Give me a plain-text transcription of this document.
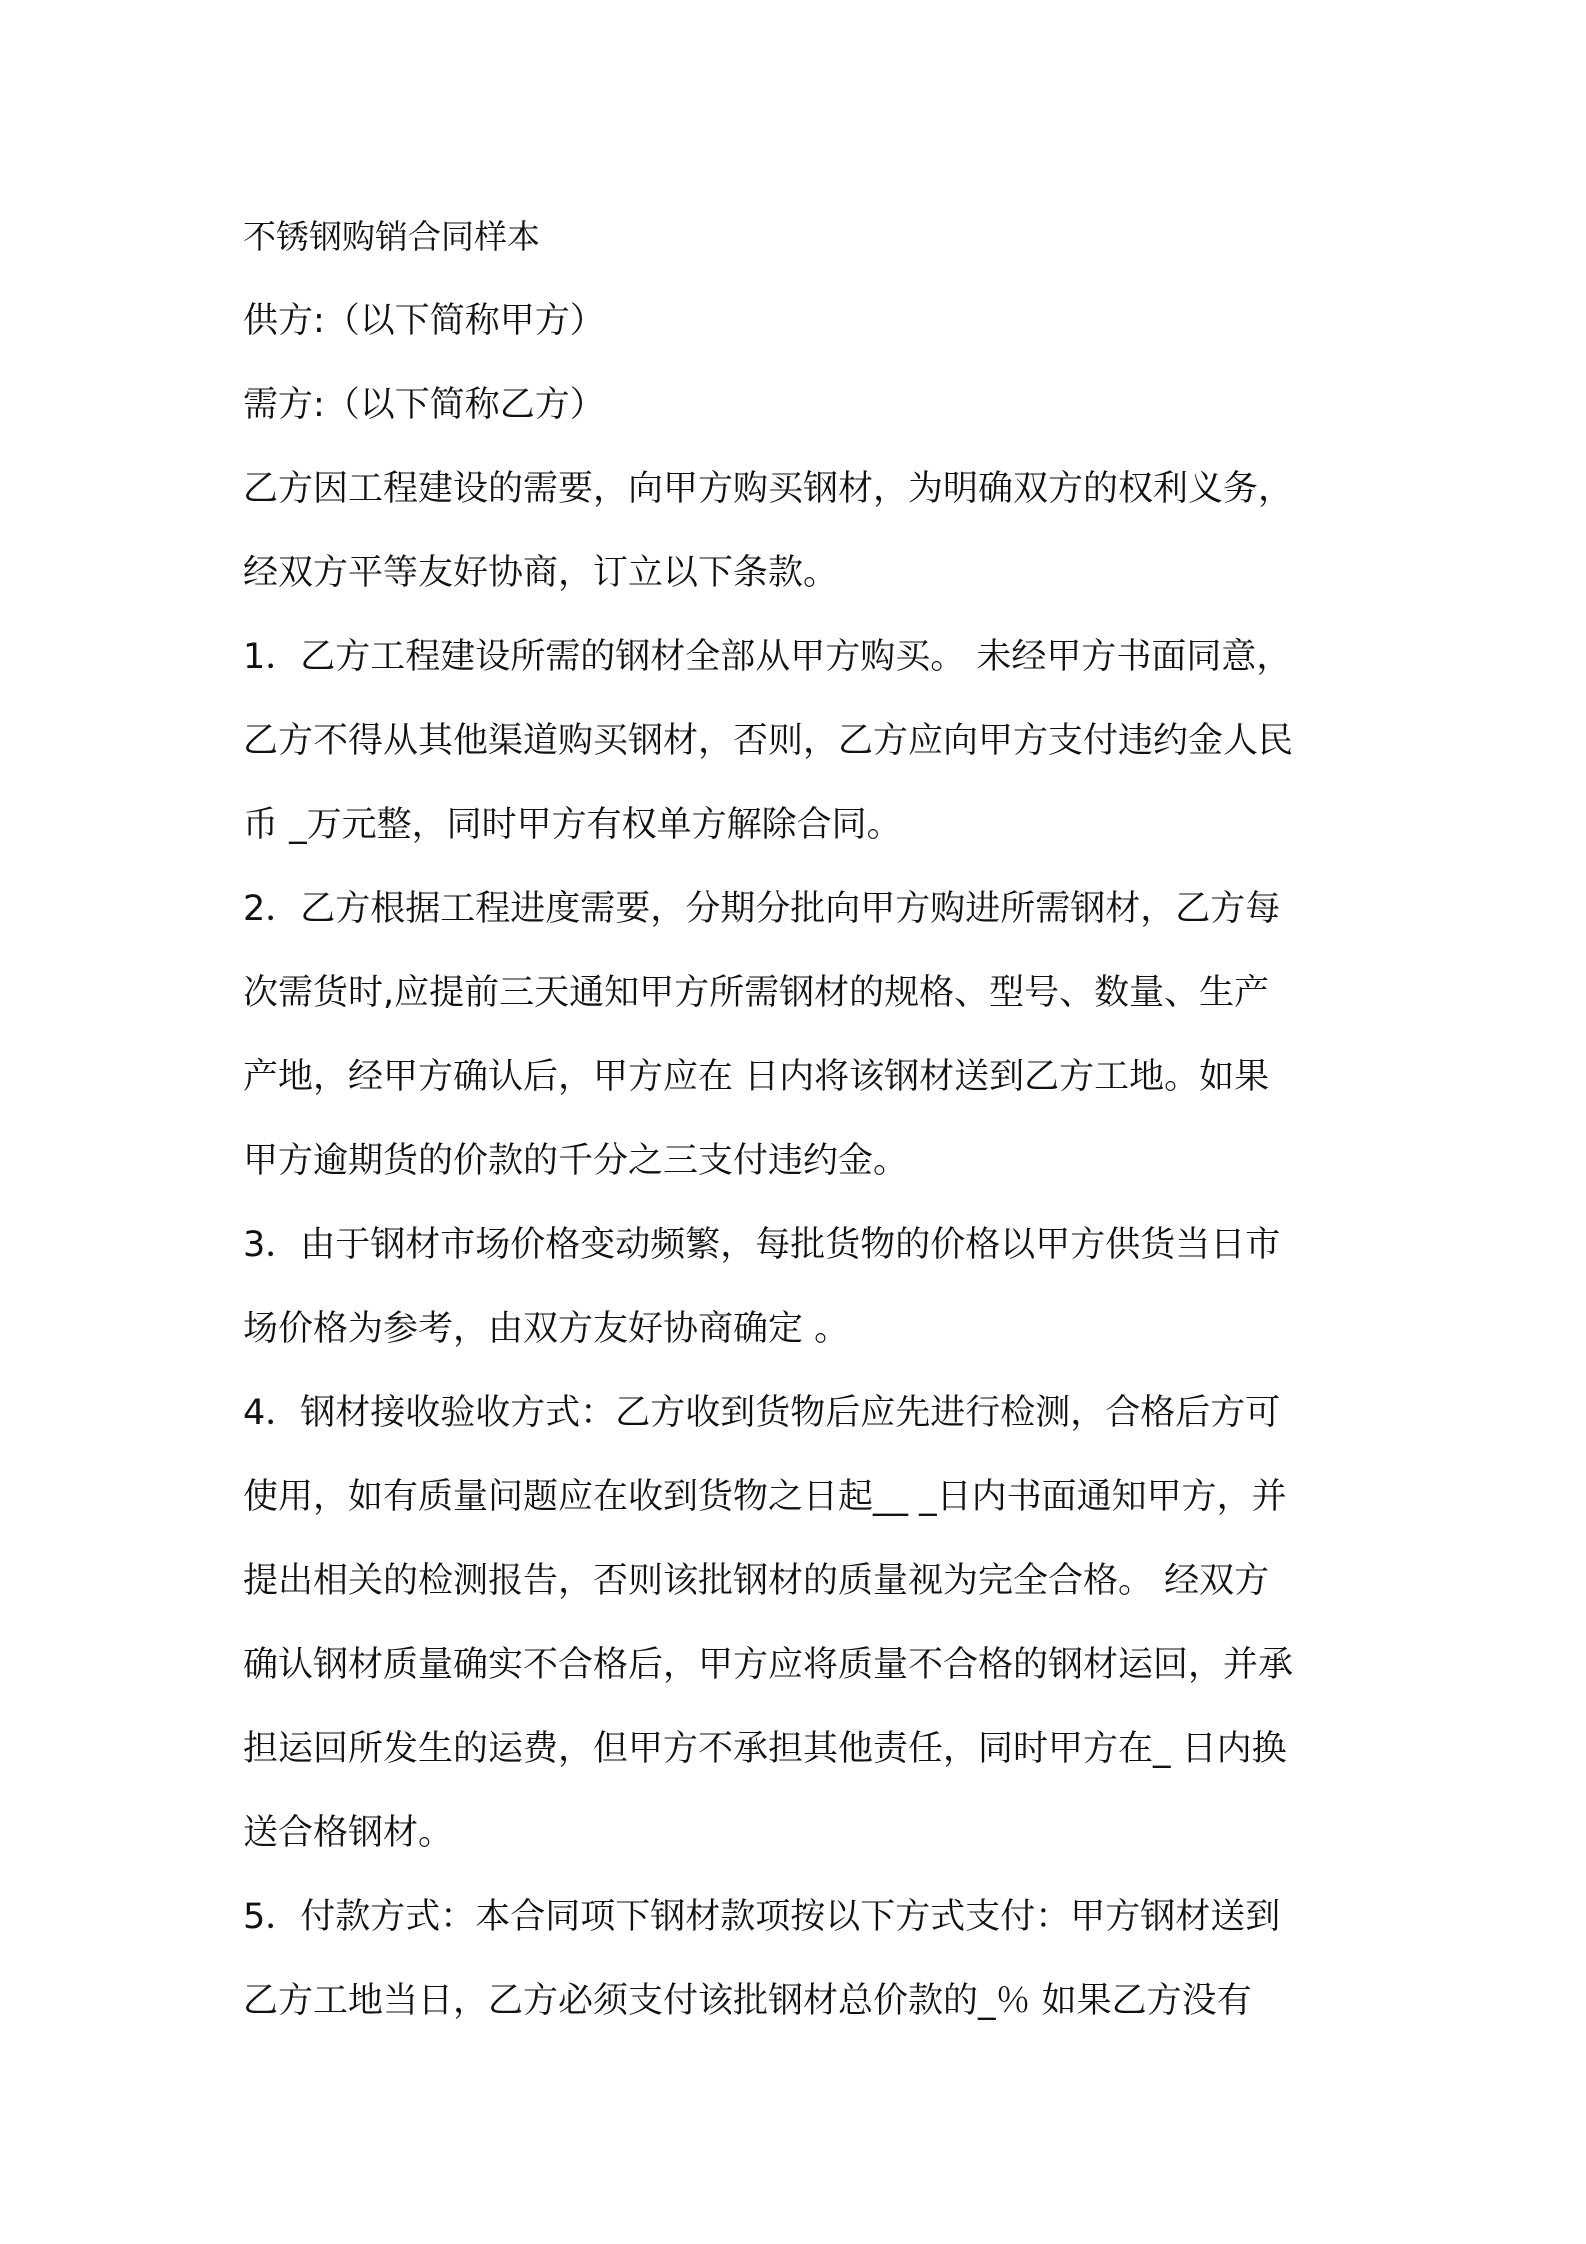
不锈钢购销合同样本
供方:（以下简称甲方）
需方:（以下简称乙方）
乙方因工程建设的需要，向甲方购买钢材，为明确双方的权利义务，
经双方平等友好协商，订立以下条款。
1．乙方工程建设所需的钢材全部从甲方购买。 未经甲方书面同意，
乙方不得从其他渠道购买钢材，否则，乙方应向甲方支付违约金人民
币 _万元整，同时甲方有权单方解除合同。
2．乙方根据工程进度需要，分期分批向甲方购进所需钢材，乙方每
次需货时,应提前三天通知甲方所需钢材的规格、型号、数量、生产
产地，经甲方确认后，甲方应在 日内将该钢材送到乙方工地。如果
甲方逾期货的价款的千分之三支付违约金。
3．由于钢材市场价格变动频繁，每批货物的价格以甲方供货当日市
场价格为参考，由双方友好协商确定 。
4．钢材接收验收方式：乙方收到货物后应先进行检测，合格后方可
使用，如有质量问题应在收到货物之日起__ _日内书面通知甲方，并
提出相关的检测报告，否则该批钢材的质量视为完全合格。 经双方
确认钢材质量确实不合格后，甲方应将质量不合格的钢材运回，并承
担运回所发生的运费，但甲方不承担其他责任，同时甲方在_ 日内换
送合格钢材。
5．付款方式：本合同项下钢材款项按以下方式支付：甲方钢材送到
乙方工地当日，乙方必须支付该批钢材总价款的_％ 如果乙方没有
